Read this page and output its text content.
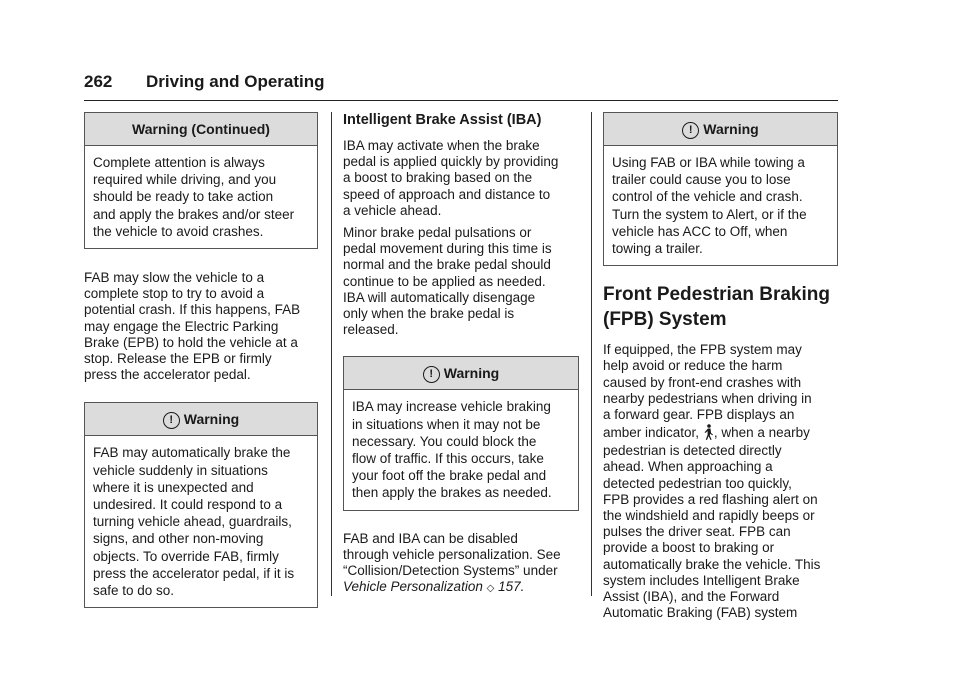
262 Driving and Operating
Warning (Continued)
Complete attention is always
required while driving, and you
should be ready to take action
and apply the brakes and/or steer
the vehicle to avoid crashes.
FAB may slow the vehicle to a
complete stop to try to avoid a
potential crash. If this happens, FAB
may engage the Electric Parking
Brake (EPB) to hold the vehicle at a
stop. Release the EPB or firmly
press the accelerator pedal.
! Warning
FAB may automatically brake the
vehicle suddenly in situations
where it is unexpected and
undesired. It could respond to a
turning vehicle ahead, guardrails,
signs, and other non-moving
objects. To override FAB, firmly
press the accelerator pedal, if it is
safe to do so.
Intelligent Brake Assist (IBA)
IBA may activate when the brake
pedal is applied quickly by providing
a boost to braking based on the
speed of approach and distance to
a vehicle ahead.
Minor brake pedal pulsations or
pedal movement during this time is
normal and the brake pedal should
continue to be applied as needed.
IBA will automatically disengage
only when the brake pedal is
released.
! Warning
IBA may increase vehicle braking
in situations when it may not be
necessary. You could block the
flow of traffic. If this occurs, take
your foot off the brake pedal and
then apply the brakes as needed.
FAB and IBA can be disabled
through vehicle personalization. See
“Collision/Detection Systems” under
Vehicle Personalization ◇ 157.
! Warning
Using FAB or IBA while towing a
trailer could cause you to lose
control of the vehicle and crash.
Turn the system to Alert, or if the
vehicle has ACC to Off, when
towing a trailer.
Front Pedestrian Braking
(FPB) System
If equipped, the FPB system may
help avoid or reduce the harm
caused by front-end crashes with
nearby pedestrians when driving in
a forward gear. FPB displays an
amber indicator, , when a nearby
pedestrian is detected directly
ahead. When approaching a
detected pedestrian too quickly,
FPB provides a red flashing alert on
the windshield and rapidly beeps or
pulses the driver seat. FPB can
provide a boost to braking or
automatically brake the vehicle. This
system includes Intelligent Brake
Assist (IBA), and the Forward
Automatic Braking (FAB) system
